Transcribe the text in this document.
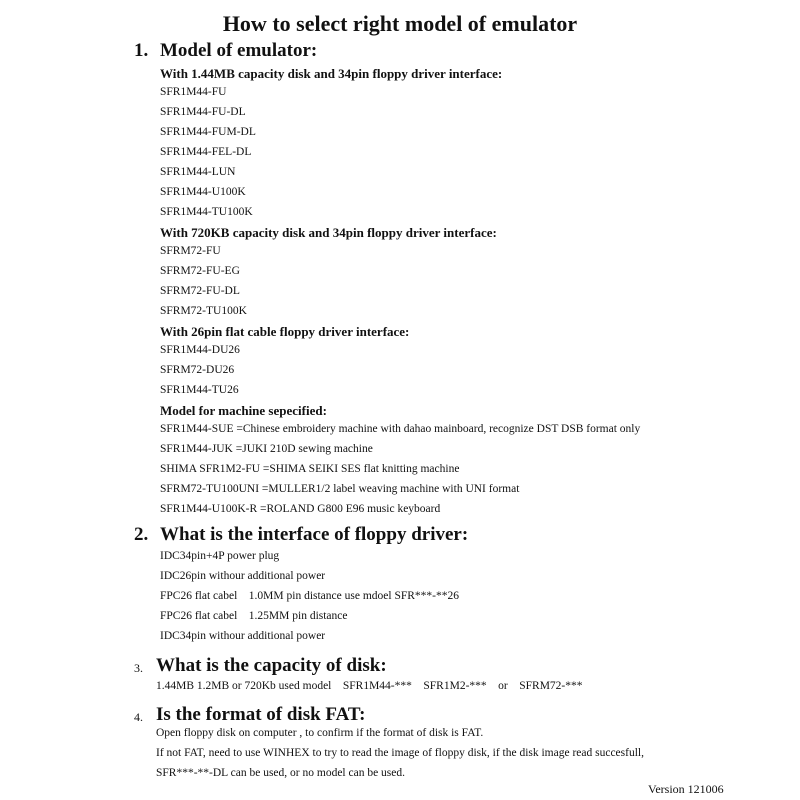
How to select right model of emulator
1. Model of emulator:
With 1.44MB capacity disk and 34pin floppy driver interface:
SFR1M44-FU
SFR1M44-FU-DL
SFR1M44-FUM-DL
SFR1M44-FEL-DL
SFR1M44-LUN
SFR1M44-U100K
SFR1M44-TU100K
With 720KB capacity disk and 34pin floppy driver interface:
SFRM72-FU
SFRM72-FU-EG
SFRM72-FU-DL
SFRM72-TU100K
With 26pin flat cable floppy driver interface:
SFR1M44-DU26
SFRM72-DU26
SFR1M44-TU26
Model for machine sepecified:
SFR1M44-SUE =Chinese embroidery machine with dahao mainboard, recognize DST DSB format only
SFR1M44-JUK =JUKI 210D sewing machine
SHIMA SFR1M2-FU =SHIMA SEIKI SES flat knitting machine
SFRM72-TU100UNI =MULLER1/2 label weaving machine with UNI format
SFR1M44-U100K-R =ROLAND G800 E96 music keyboard
2. What is the interface of floppy driver:
IDC34pin+4P power plug
IDC26pin withour additional power
FPC26 flat cabel    1.0MM pin distance use mdoel SFR***-**26
FPC26 flat cabel    1.25MM pin distance
IDC34pin withour additional power
3. What is the capacity of disk:
1.44MB 1.2MB or 720Kb used model    SFR1M44-***    SFR1M2-***    or    SFRM72-***
4. Is the format of disk FAT:
Open floppy disk on computer , to confirm if the format of disk is FAT.
If not FAT, need to use WINHEX to try to read the image of floppy disk, if the disk image read succesfull,
SFR***-**-DL can be used, or no model can be used.
Version 121006
